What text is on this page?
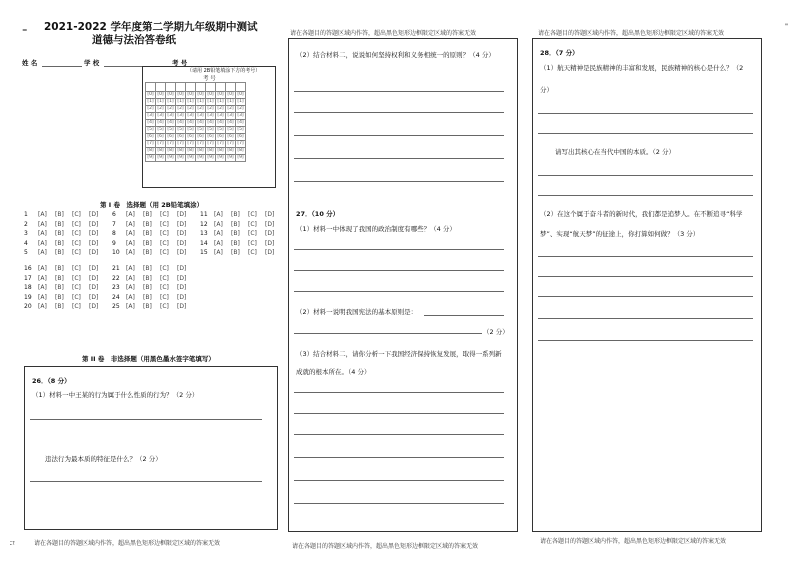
=
コ
"
2021-2022 学年度第二学期九年级期中测试
道德与法治答卷纸
姓 名	学 校	考 号
（请用 2B铅笔填涂下方的考号）
考 号

[0]	[0]	[0]	[0]	[0]	[0]	[0]	[0]	[0]	[0]
[1]	[1]	[1]	[1]	[1]	[1]	[1]	[1]	[1]	[1]
[2]	[2]	[2]	[2]	[2]	[2]	[2]	[2]	[2]	[2]
[3]	[3]	[3]	[3]	[3]	[3]	[3]	[3]	[3]	[3]
[4]	[4]	[4]	[4]	[4]	[4]	[4]	[4]	[4]	[4]
[5]	[5]	[5]	[5]	[5]	[5]	[5]	[5]	[5]	[5]
[6]	[6]	[6]	[6]	[6]	[6]	[6]	[6]	[6]	[6]
[7]	[7]	[7]	[7]	[7]	[7]	[7]	[7]	[7]	[7]
[8]	[8]	[8]	[8]	[8]	[8]	[8]	[8]	[8]	[8]
[9]	[9]	[9]	[9]	[9]	[9]	[9]	[9]	[9]	[9]
第 I 卷　选择题（用 2B铅笔填涂）
1 [A] [B] [C] [D]
2 [A] [B] [C] [D]
3 [A] [B] [C] [D]
4 [A] [B] [C] [D]
5 [A] [B] [C] [D]
6 [A] [B] [C] [D]
7 [A] [B] [C] [D]
8 [A] [B] [C] [D]
9 [A] [B] [C] [D]
10 [A] [B] [C] [D]
11 [A] [B] [C] [D]
12 [A] [B] [C] [D]
13 [A] [B] [C] [D]
14 [A] [B] [C] [D]
15 [A] [B] [C] [D]
16 [A] [B] [C] [D]
17 [A] [B] [C] [D]
18 [A] [B] [C] [D]
19 [A] [B] [C] [D]
20 [A] [B] [C] [D]
21 [A] [B] [C] [D]
22 [A] [B] [C] [D]
23 [A] [B] [C] [D]
24 [A] [B] [C] [D]
25 [A] [B] [C] [D]
第 II 卷　非选择题（用黑色墨水签字笔填写）
26．（8 分）
（1）材料一中王某的行为属于什么性质的行为？（2 分）
违法行为最本质的特征是什么？（2 分）
请在各题目的答题区域内作答，超出黑色矩形边框限定区域的答案无效
请在各题目的答题区域内作答，超出黑色矩形边框限定区域的答案无效
（2）结合材料二，说说如何坚持权利和义务相统一的原则？（4 分）
27．（10 分）
（1）材料一中体现了我国的政治制度有哪些？（4 分）
（2）材料一说明我国宪法的基本原则是：
（2 分）
（3）结合材料二，请你分析一下我国经济保持恢复发展，取得一系列新
成就的根本所在。（4 分）
请在各题目的答题区域内作答，超出黑色矩形边框限定区域的答案无效
请在各题目的答题区域内作答，超出黑色矩形边框限定区域的答案无效
28．（7 分）
（1）航天精神是民族精神的丰富和发展，民族精神的核心是什么？（2
分）
请写出其核心在当代中国的本质。（2 分）
（2）在这个属于奋斗者的新时代，我们都是追梦人。在不断追寻“科学
梦”、实现“航天梦”的征途上，你打算如何做？（3 分）
请在各题目的答题区域内作答，超出黑色矩形边框限定区域的答案无效
